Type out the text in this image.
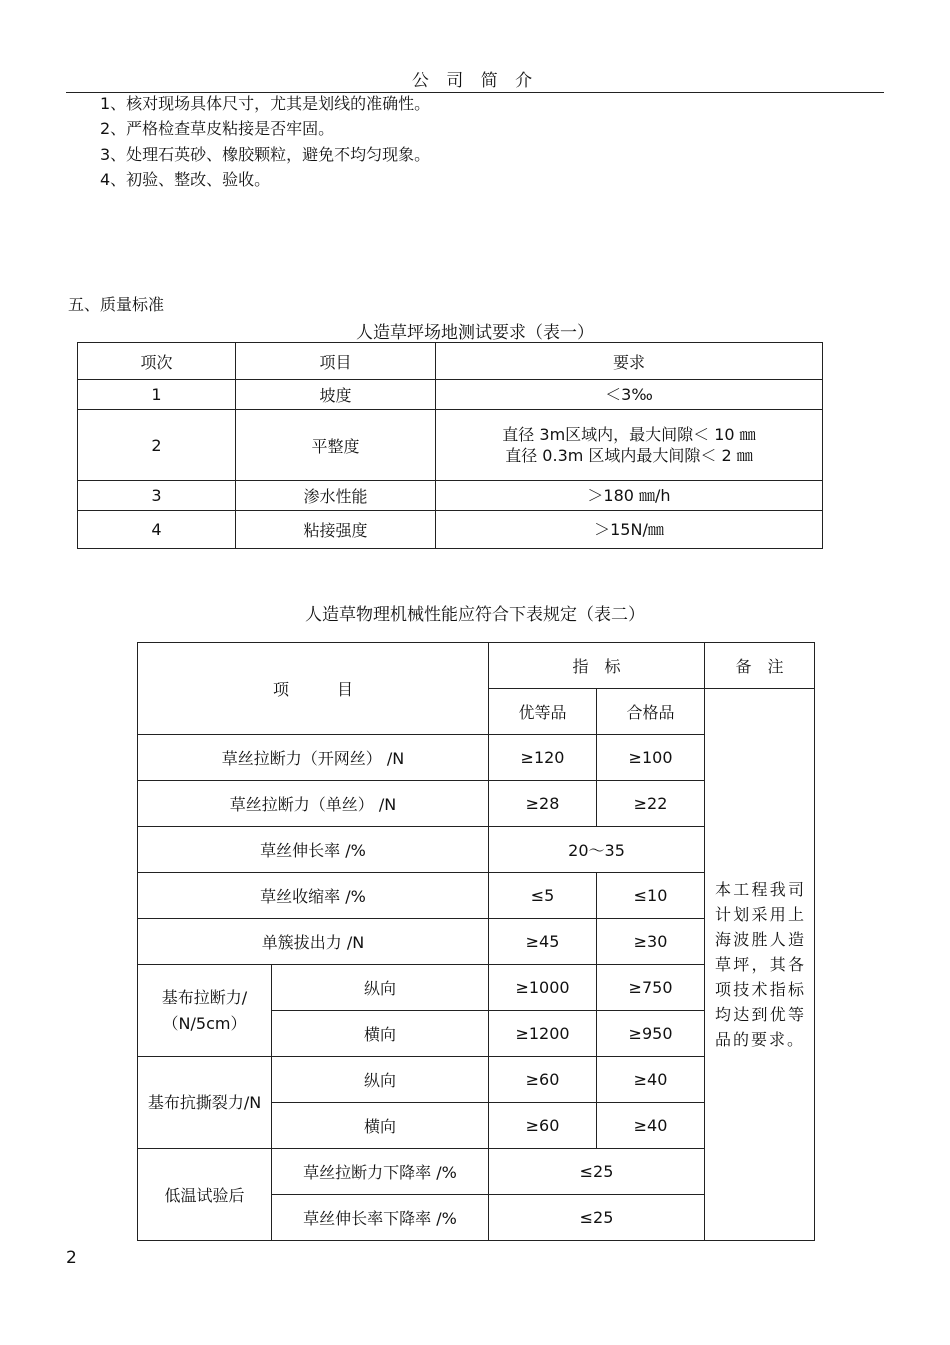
公 司 简 介
1、核对现场具体尺寸，尤其是划线的准确性。
2、严格检查草皮粘接是否牢固。
3、处理石英砂、橡胶颗粒，避免不均匀现象。
4、初验、整改、验收。
五、质量标准
人造草坪场地测试要求（表一）
项次	项目	要求
1	坡度	＜3‰

2	平整度	直径 3m区域内，最大间隙＜ 10 ㎜
直径 0.3m 区域内最大间隙＜ 2 ㎜

3	渗水性能	＞180 ㎜/h

4	粘接强度	＞15N/㎜
人造草物理机械性能应符合下表规定（表二）
项　　　目		指　标		备　注
		优等品	合格品	本工程我司计划采用上海波胜人造草坪，其各项技术指标均达到优等品的要求。
草丝拉断力（开网丝） /N		≥120	≥100	
草丝拉断力（单丝） /N		≥28	≥22	
草丝伸长率 /%		20～35		
草丝收缩率 /%		≤5	≤10	
单簇拔出力 /N		≥45	≥30	
基布拉断力/（N/5cm）	纵向	≥1000	≥750	
	横向	≥1200	≥950	
基布抗撕裂力/N	纵向	≥60	≥40	
	横向	≥60	≥40	
低温试验后	草丝拉断力下降率 /%	≤25		
	草丝伸长率下降率 /%	≤25		
2
